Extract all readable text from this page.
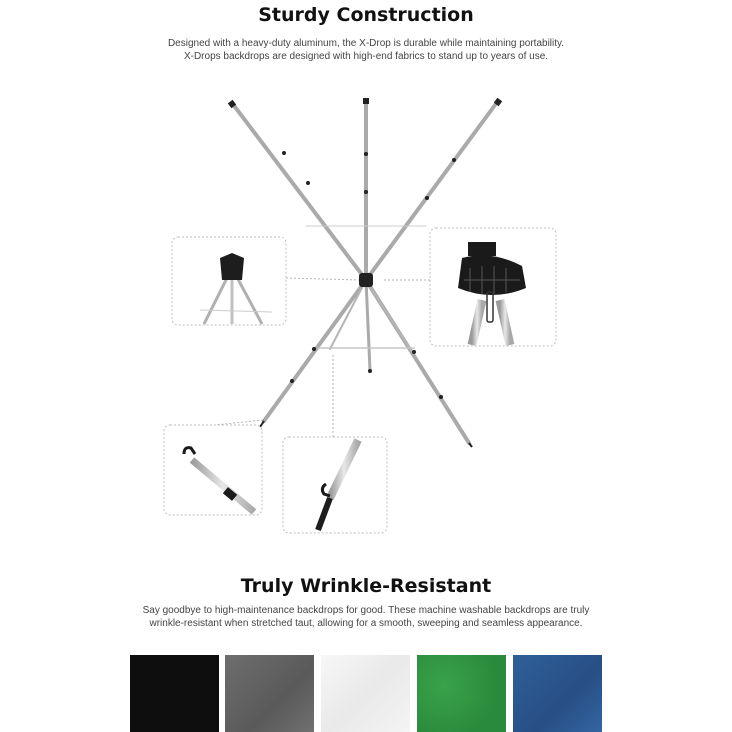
Sturdy Construction
Designed with a heavy-duty aluminum, the X-Drop is durable while maintaining portability.
X-Drops backdrops are designed with high-end fabrics to stand up to years of use.
Truly Wrinkle-Resistant
Say goodbye to high-maintenance backdrops for good. These machine washable backdrops are truly
wrinkle-resistant when stretched taut, allowing for a smooth, sweeping and seamless appearance.
